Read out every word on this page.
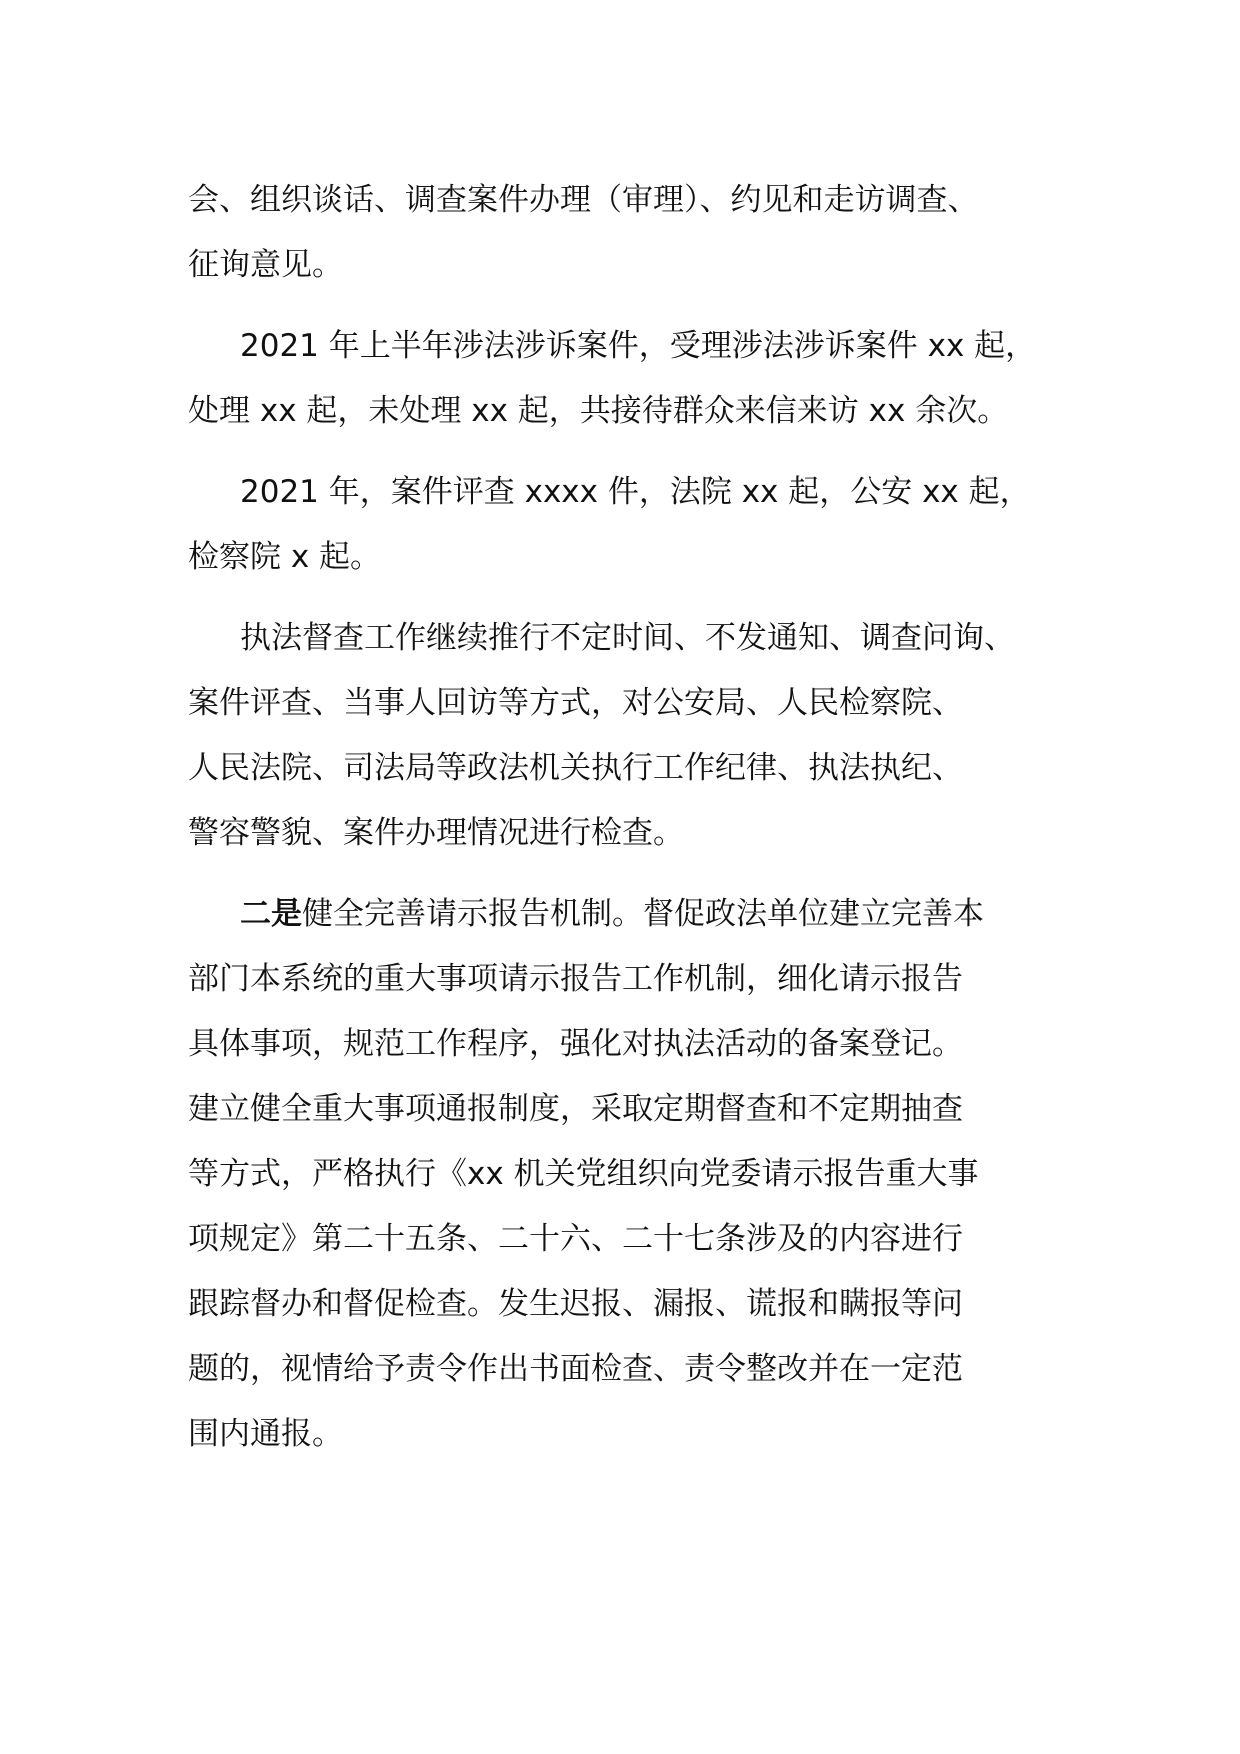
会、组织谈话、调查案件办理（审理）、约见和走访调查、
征询意见。

2021 年上半年涉法涉诉案件，受理涉法涉诉案件 xx 起，
处理 xx 起，未处理 xx 起，共接待群众来信来访 xx 余次。

2021 年，案件评查 xxxx 件，法院 xx 起，公安 xx 起，
检察院 x 起。

执法督查工作继续推行不定时间、不发通知、调查问询、
案件评查、当事人回访等方式，对公安局、人民检察院、
人民法院、司法局等政法机关执行工作纪律、执法执纪、
警容警貌、案件办理情况进行检查。

二是健全完善请示报告机制。督促政法单位建立完善本
部门本系统的重大事项请示报告工作机制，细化请示报告
具体事项，规范工作程序，强化对执法活动的备案登记。
建立健全重大事项通报制度，采取定期督查和不定期抽查
等方式，严格执行《xx 机关党组织向党委请示报告重大事
项规定》第二十五条、二十六、二十七条涉及的内容进行
跟踪督办和督促检查。发生迟报、漏报、谎报和瞒报等问
题的，视情给予责令作出书面检查、责令整改并在一定范
围内通报。
